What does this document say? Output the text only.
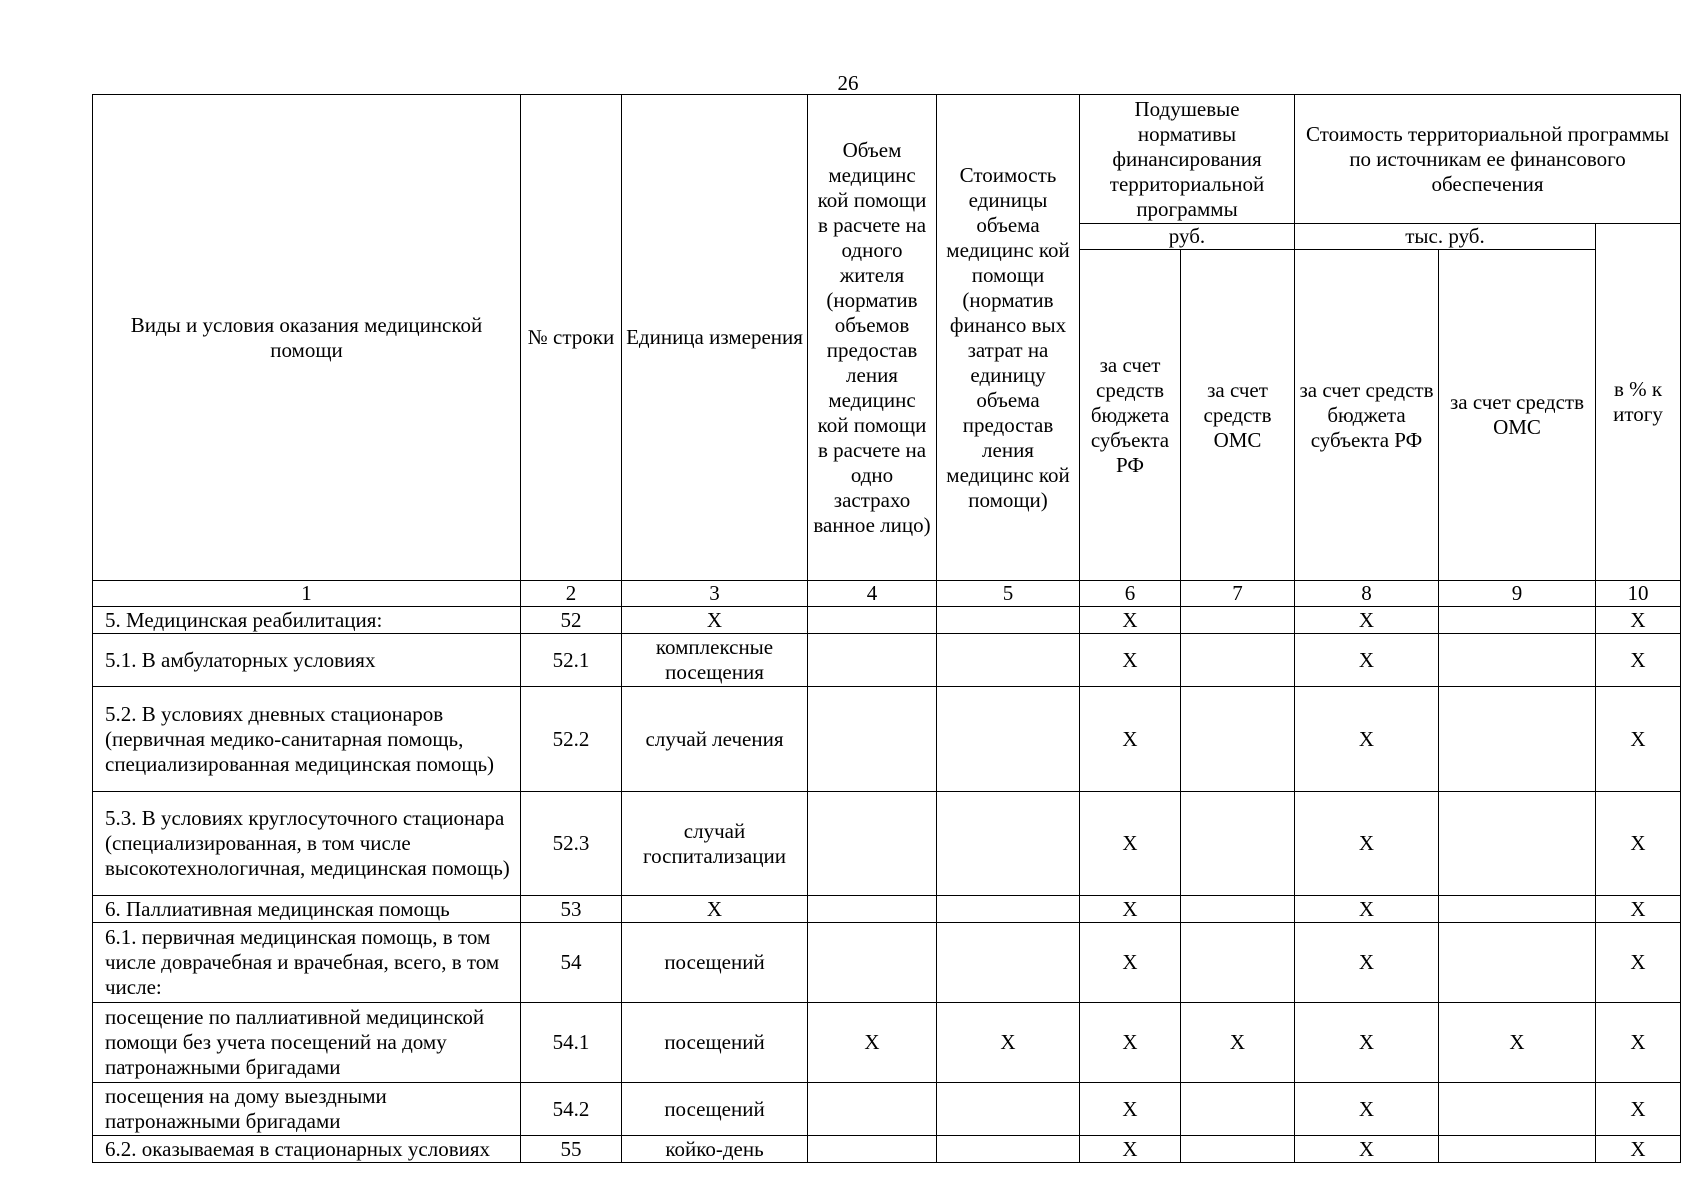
26
Виды и условия оказания медицинской помощи	№ строки	Единица измерения	Объем медицинс кой помощи в расчете на одного жителя (норматив объемов предостав ления медицинс кой помощи в расчете на одно застрахо ванное лицо)	Стоимость единицы объема медицинс кой помощи (норматив финансо вых затрат на единицу объема предостав ления медицинс кой помощи)	Подушевые нормативы финансирования территориальной программы		Стоимость территориальной программы по источникам ее финансового обеспечения		
					руб.		тыс. руб.		в % к итогу
					за счет средств бюджета субъекта РФ	за счет средств ОМС	за счет средств бюджета субъекта РФ	за счет средств ОМС	
1	2	3	4	5	6	7	8	9	10
5. Медицинская реабилитация:	52	X			X		X		X
5.1. В амбулаторных условиях	52.1	комплексные посещения			X		X		X
5.2. В условиях дневных стационаров (первичная медико-санитарная помощь, специализированная медицинская помощь)	52.2	случай лечения			X		X		X
5.3. В условиях круглосуточного стационара (специализированная, в том числе высокотехнологичная, медицинская помощь)	52.3	случай госпитализации			X		X		X
6. Паллиативная медицинская помощь	53	X			X		X		X
6.1. первичная медицинская помощь, в том числе доврачебная и врачебная, всего, в том числе:	54	посещений			X		X		X
посещение по паллиативной медицинской помощи без учета посещений на дому патронажными бригадами	54.1	посещений	X	X	X	X	X	X	X
посещения на дому выездными патронажными бригадами	54.2	посещений			X		X		X
6.2. оказываемая в стационарных условиях	55	койко-день			X		X		X
